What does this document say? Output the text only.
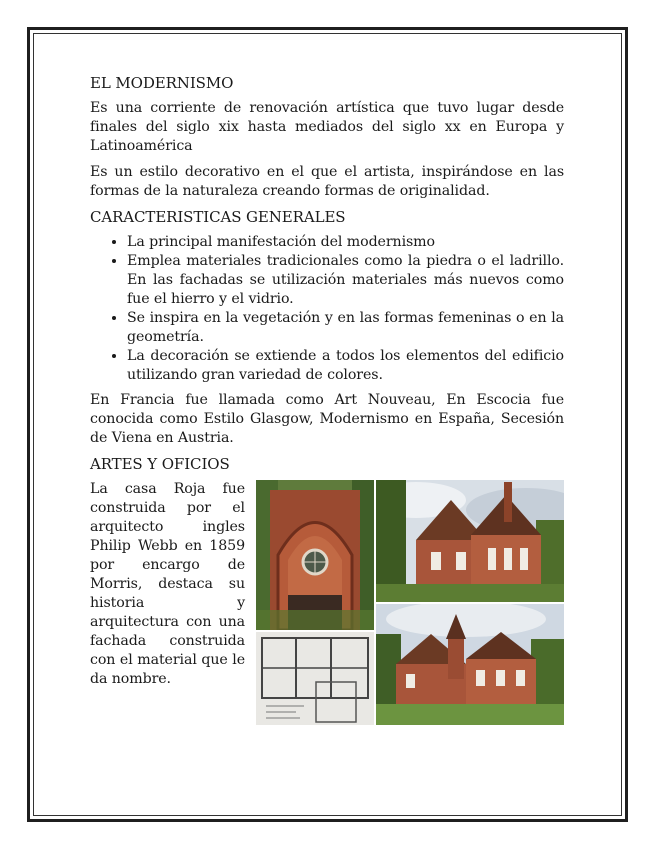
EL MODERNISMO

Es una corriente de renovación artística que tuvo lugar desde finales del siglo xix hasta mediados del siglo xx en Europa y Latinoamérica

Es un estilo decorativo en el que el artista, inspirándose en las formas de la naturaleza creando formas de originalidad.

CARACTERISTICAS GENERALES
• La principal manifestación del modernismo
• Emplea materiales tradicionales como la piedra o el ladrillo. En las fachadas se utilización materiales más nuevos como fue el hierro y el vidrio.
• Se inspira en la vegetación y en las formas femeninas o en la geometría.
• La decoración se extiende a todos los elementos del edificio utilizando gran variedad de colores.

En Francia fue llamada como Art Nouveau, En Escocia fue conocida como Estilo Glasgow, Modernismo en España, Secesión de Viena en Austria.

ARTES Y OFICIOS
La casa Roja fue construida por el arquitecto ingles Philip Webb en 1859 por encargo de Morris, destaca su historia y arquitectura con una fachada construida con el material que le da nombre.
